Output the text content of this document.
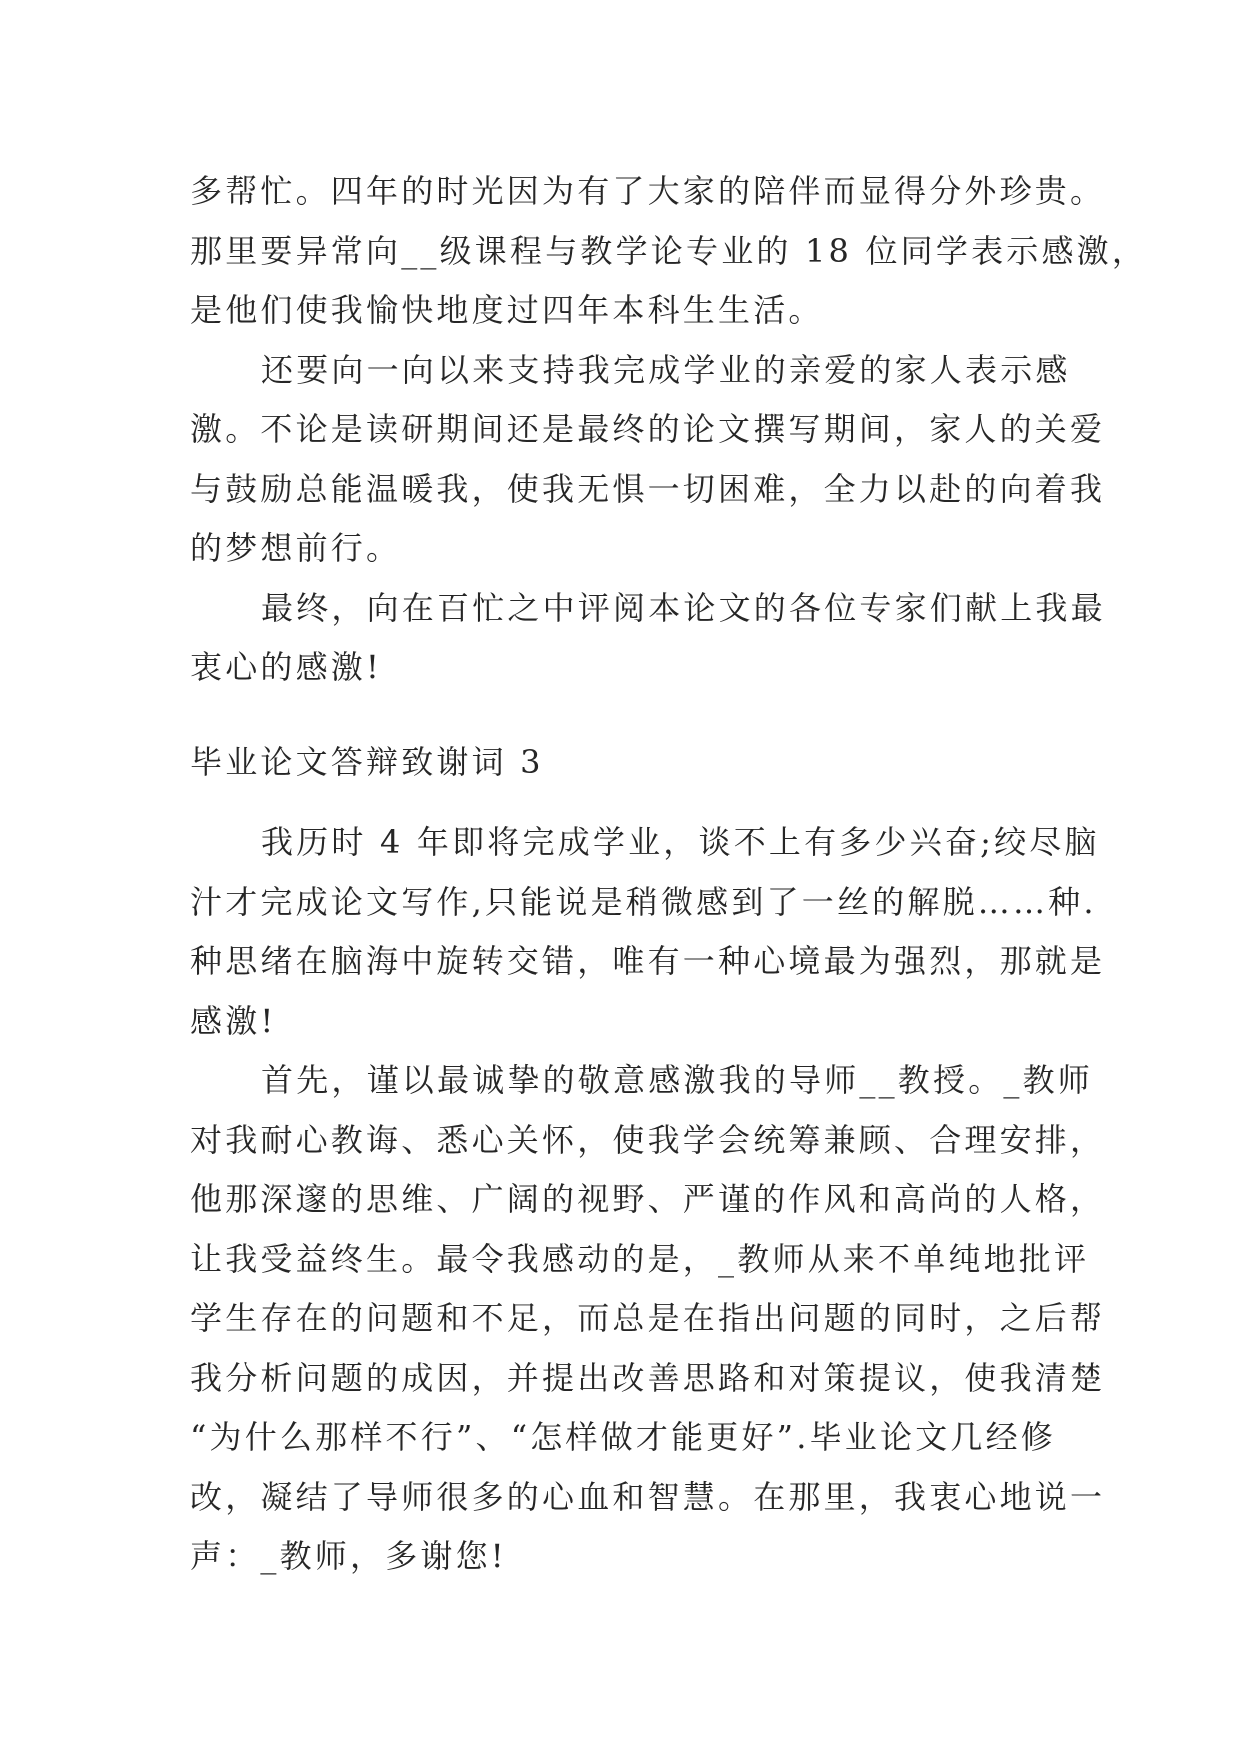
多帮忙。四年的时光因为有了大家的陪伴而显得分外珍贵。
那里要异常向__级课程与教学论专业的 18 位同学表示感激，
是他们使我愉快地度过四年本科生生活。
还要向一向以来支持我完成学业的亲爱的家人表示感
激。不论是读研期间还是最终的论文撰写期间，家人的关爱
与鼓励总能温暖我，使我无惧一切困难，全力以赴的向着我
的梦想前行。
最终，向在百忙之中评阅本论文的各位专家们献上我最
衷心的感激!
毕业论文答辩致谢词 3
我历时 4 年即将完成学业，谈不上有多少兴奋;绞尽脑
汁才完成论文写作,只能说是稍微感到了一丝的解脱……种.
种思绪在脑海中旋转交错，唯有一种心境最为强烈，那就是
感激!
首先，谨以最诚挚的敬意感激我的导师__教授。_教师
对我耐心教诲、悉心关怀，使我学会统筹兼顾、合理安排，
他那深邃的思维、广阔的视野、严谨的作风和高尚的人格，
让我受益终生。最令我感动的是，_教师从来不单纯地批评
学生存在的问题和不足，而总是在指出问题的同时，之后帮
我分析问题的成因，并提出改善思路和对策提议，使我清楚
“为什么那样不行”、“怎样做才能更好”.毕业论文几经修
改，凝结了导师很多的心血和智慧。在那里，我衷心地说一
声：_教师，多谢您!
